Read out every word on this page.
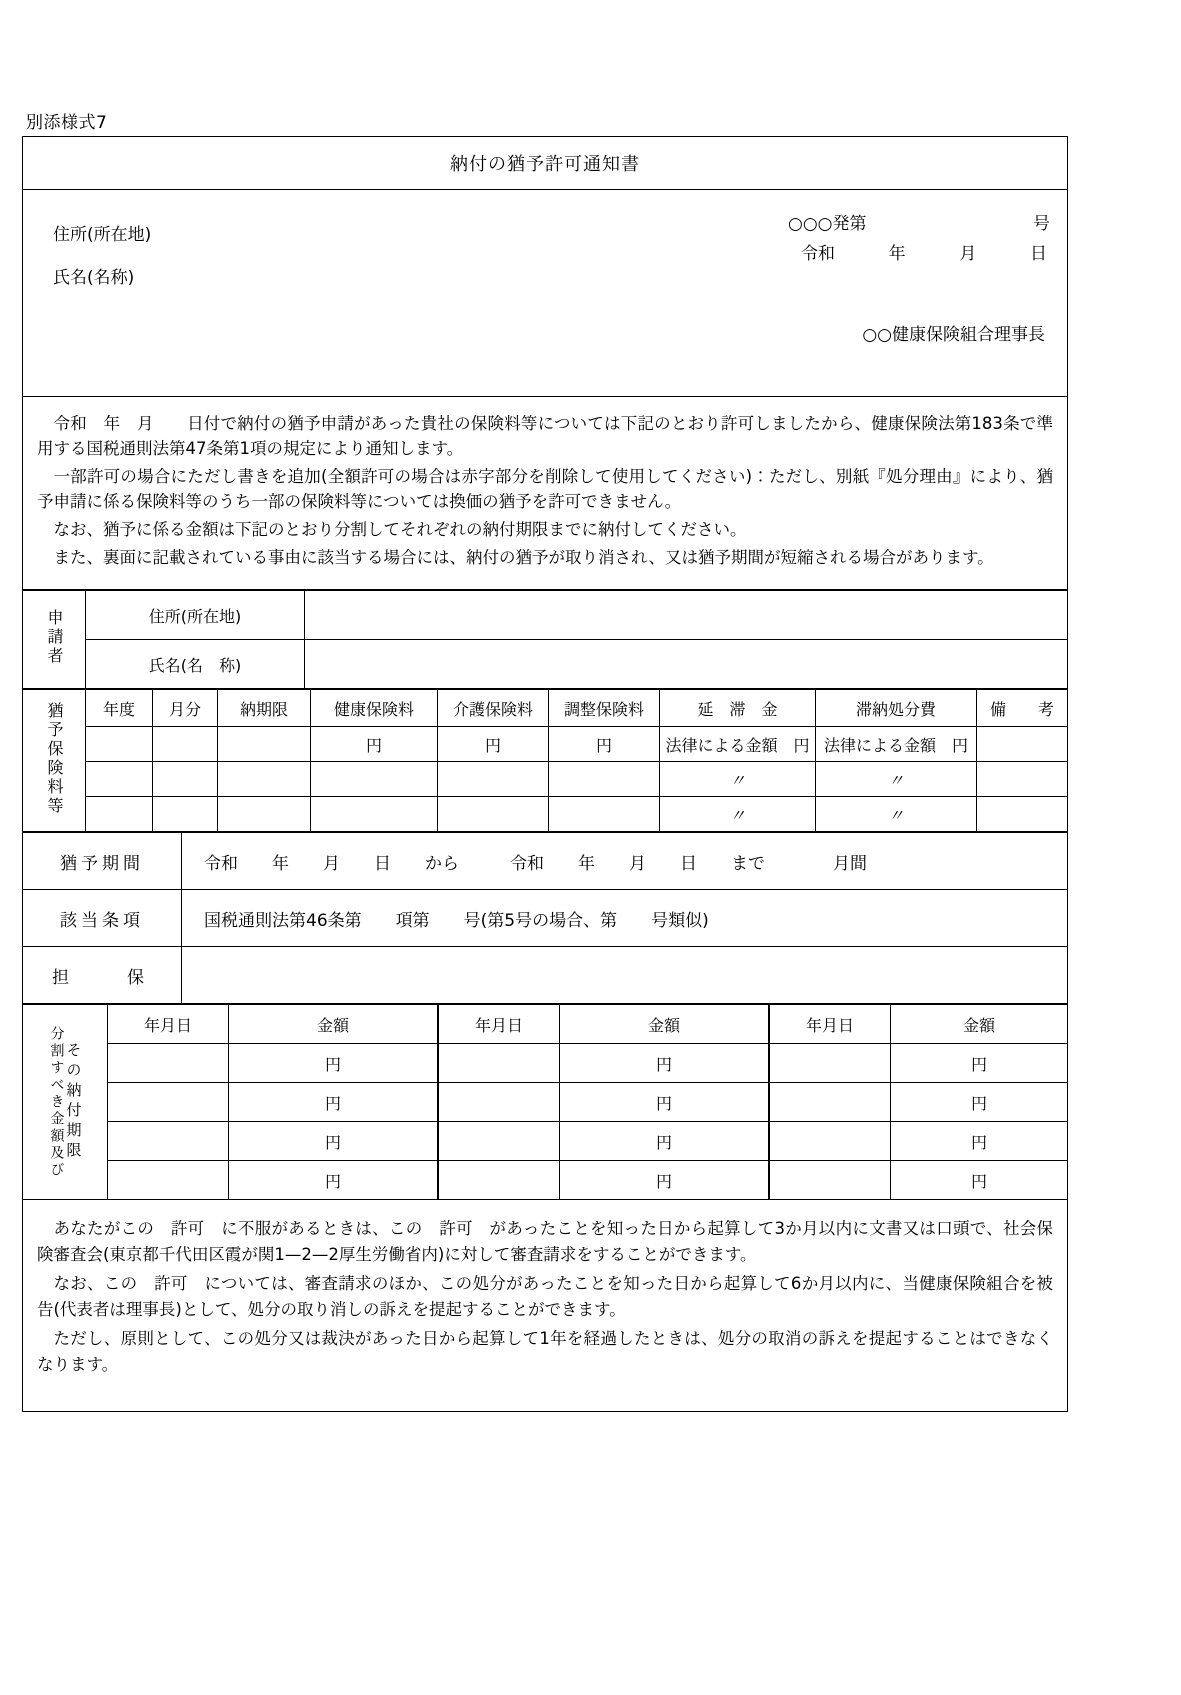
別添様式7
納付の猶予許可通知書
住所(所在地)
氏名(名称)
○○○発第	号
令和	年	月	日
○○健康保険組合理事長

令和　年　月　　日付で納付の猶予申請があった貴社の保険料等については下記のとおり許可しましたから、健康保険法第183条で準用する国税通則法第47条第1項の規定により通知します。

一部許可の場合にただし書きを追加(全額許可の場合は赤字部分を削除して使用してください)：ただし、別紙『処分理由』により、猶予申請に係る保険料等のうち一部の保険料等については換価の猶予を許可できません。

なお、猶予に係る金額は下記のとおり分割してそれぞれの納付期限までに納付してください。

また、裏面に記載されている事由に該当する場合には、納付の猶予が取り消され、又は猶予期間が短縮される場合があります。

申請者	住所(所在地)	
	氏名(名　称)	
猶予保険料等	年度	月分	納期限	健康保険料	介護保険料	調整保険料	延　滞　金	滞納処分費	備　　考
				円	円	円	法律による金額　円	法律による金額　円	
							〃	〃	
							〃	〃	
猶予期間	令和　　年　　月　　日　　から　　　令和　　年　　月　　日　　まで　　　　月間
該当条項	国税通則法第46条第　　項第　　号(第5号の場合、第　　号類似)
担　　保	
その納付期限
分割すべき金額及び	年月日	金額	年月日	金額	年月日	金額
		円		円		円
		円		円		円
		円		円		円
		円		円		円

あなたがこの　許可　に不服があるときは、この　許可　があったことを知った日から起算して3か月以内に文書又は口頭で、社会保険審査会(東京都千代田区霞が関1—2—2厚生労働省内)に対して審査請求をすることができます。

なお、この　許可　については、審査請求のほか、この処分があったことを知った日から起算して6か月以内に、当健康保険組合を被告(代表者は理事長)として、処分の取り消しの訴えを提起することができます。

ただし、原則として、この処分又は裁決があった日から起算して1年を経過したときは、処分の取消の訴えを提起することはできなくなります。
